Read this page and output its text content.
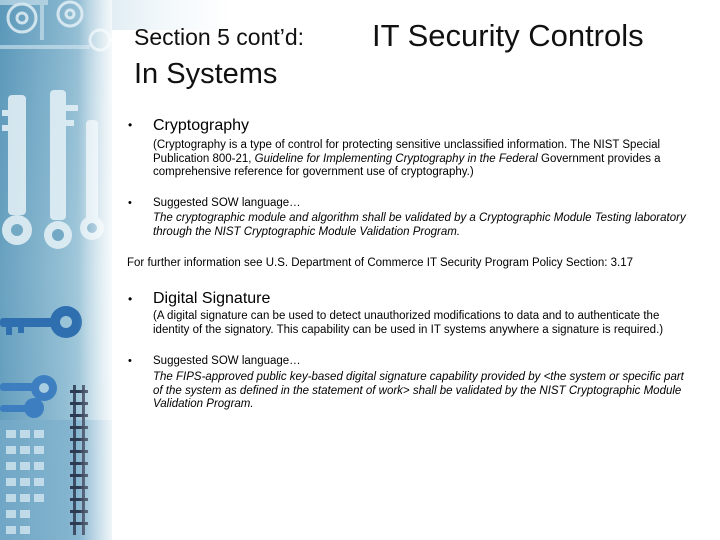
Section 5 cont’d: IT Security Controls
In Systems
• Cryptography
(Cryptography is a type of control for protecting sensitive unclassified information. The NIST Special Publication 800-21, Guideline for Implementing Cryptography in the Federal Government provides a comprehensive reference for government use of cryptography.)
• Suggested SOW language…
The cryptographic module and algorithm shall be validated by a Cryptographic Module Testing laboratory through the NIST Cryptographic Module Validation Program.
For further information see U.S. Department of Commerce IT Security Program Policy Section: 3.17
• Digital Signature
(A digital signature can be used to detect unauthorized modifications to data and to authenticate the identity of the signatory. This capability can be used in IT systems anywhere a signature is required.)
• Suggested SOW language…
The FIPS-approved public key-based digital signature capability provided by <the system or specific part of the system as defined in the statement of work> shall be validated by the NIST Cryptographic Module Validation Program.
